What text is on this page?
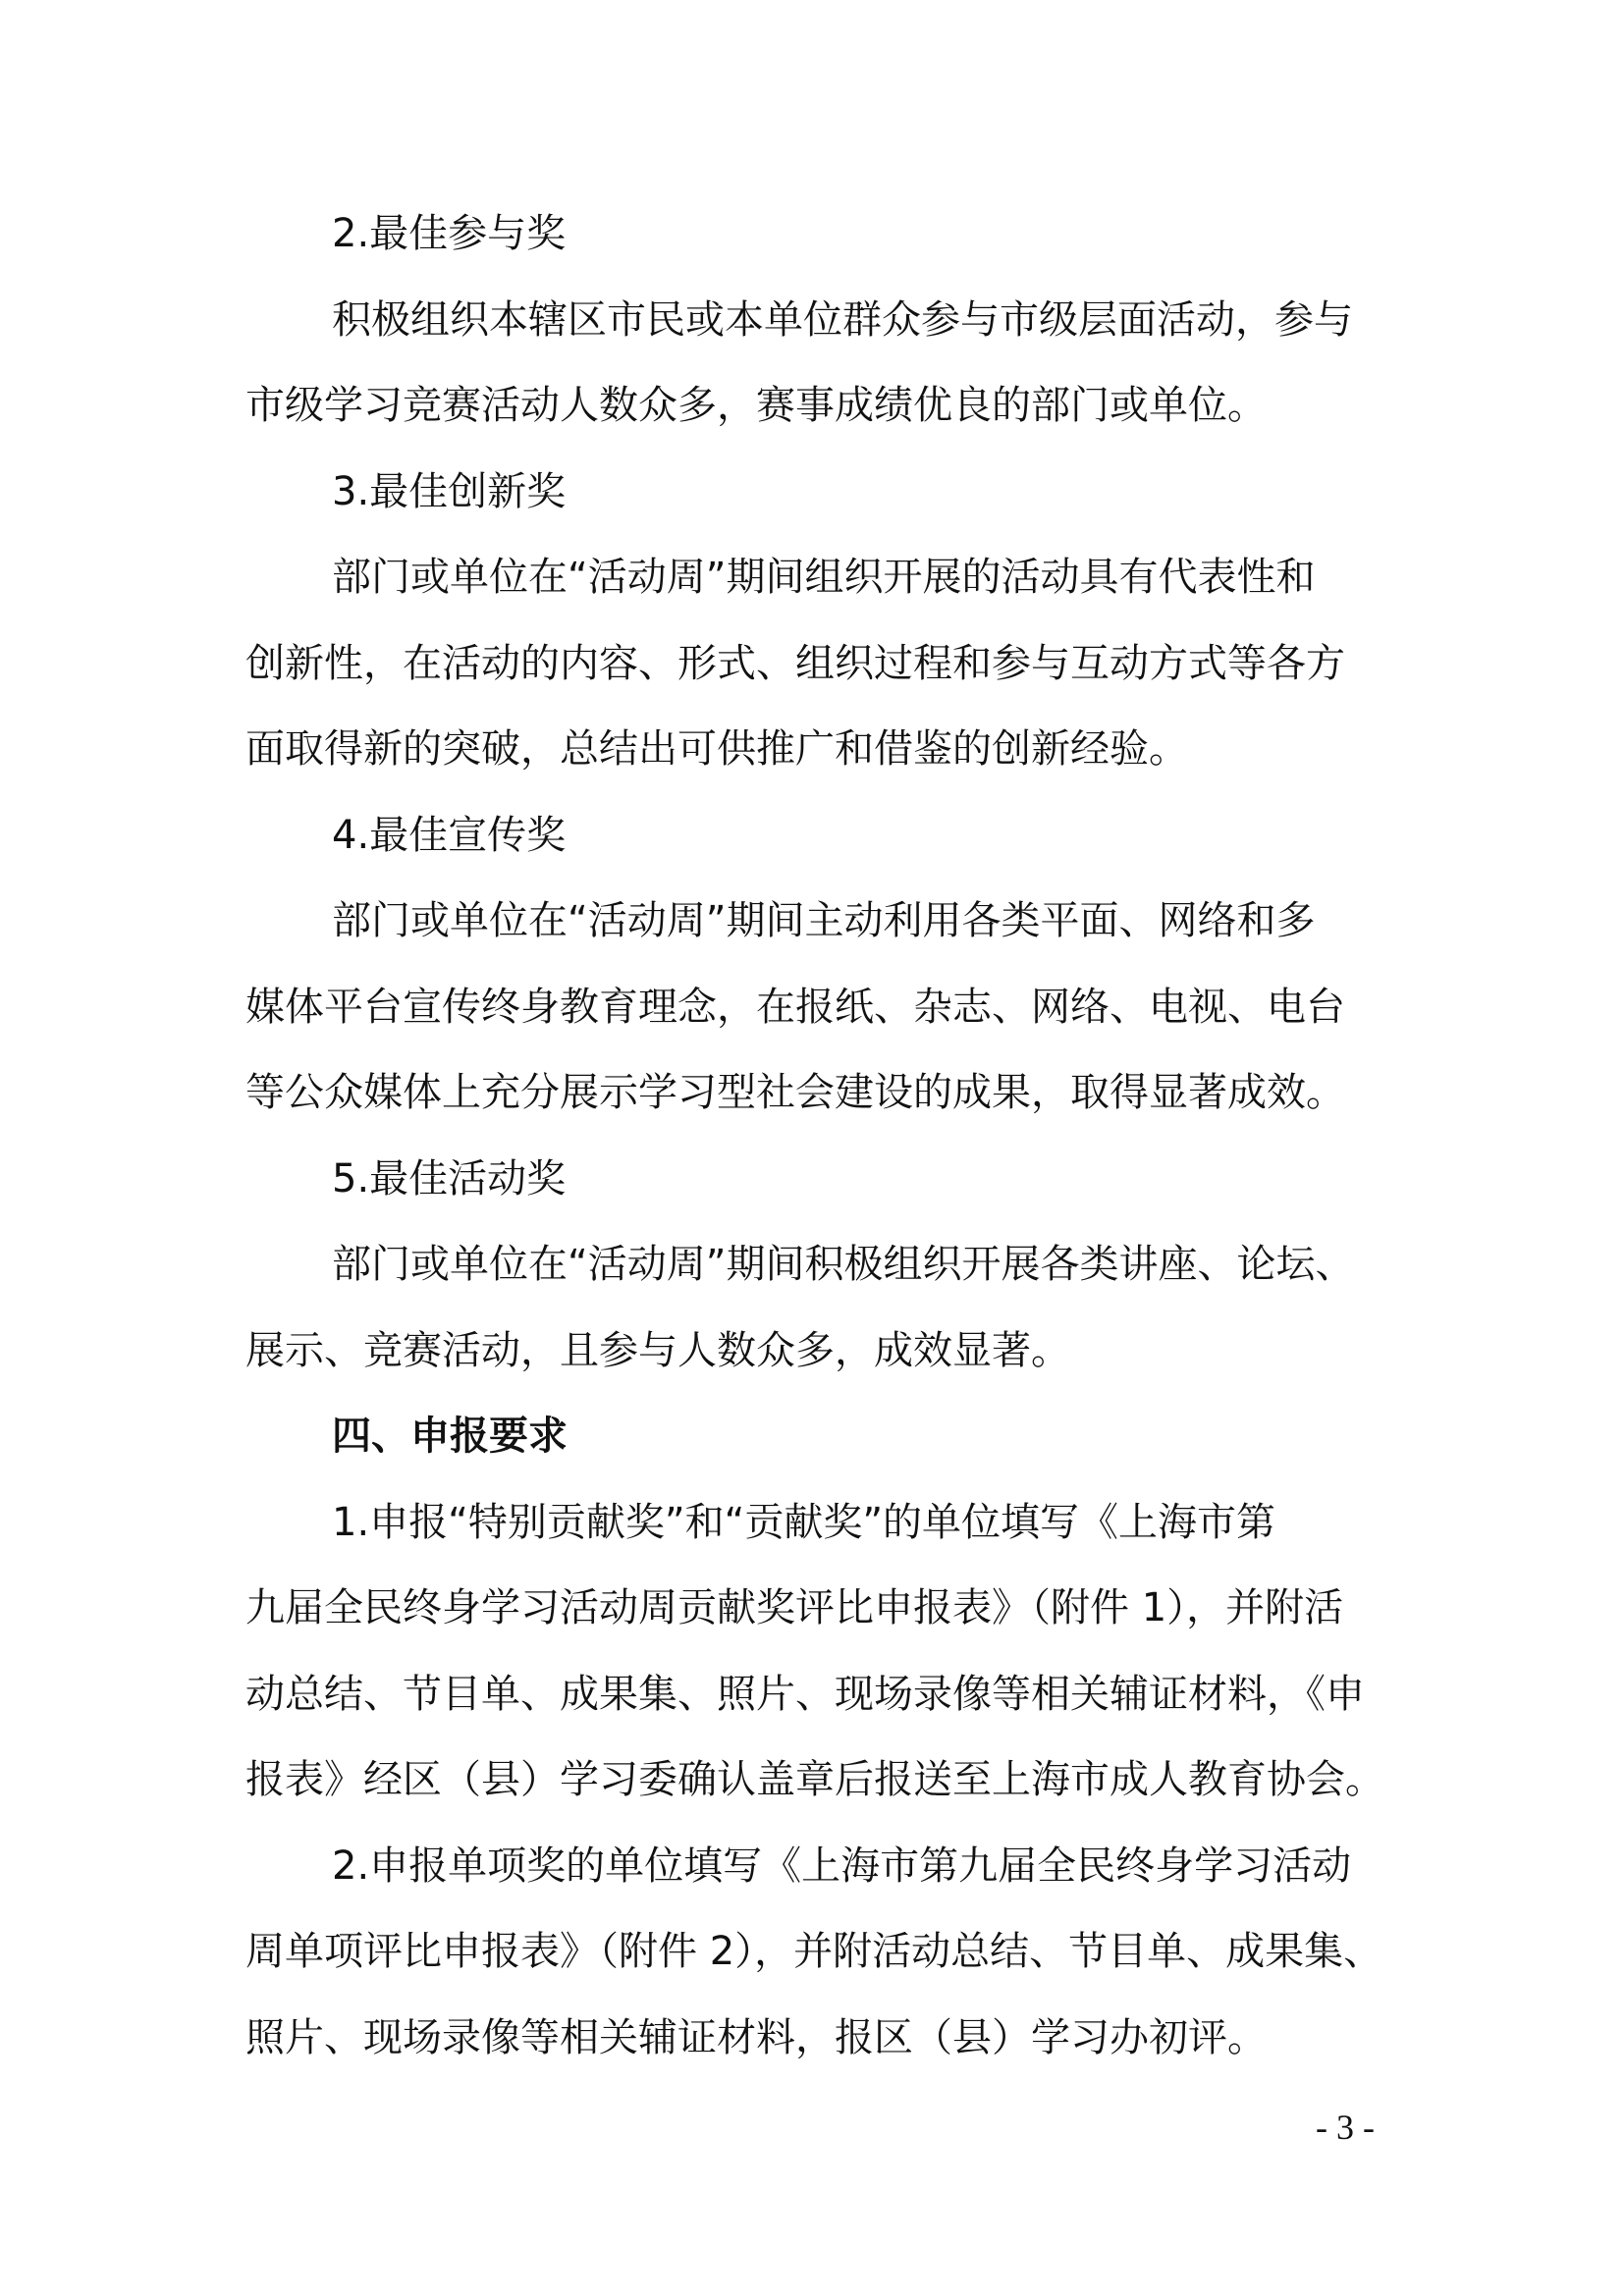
2.最佳参与奖
积极组织本辖区市民或本单位群众参与市级层面活动，参与
市级学习竞赛活动人数众多，赛事成绩优良的部门或单位。
3.最佳创新奖
部门或单位在“活动周”期间组织开展的活动具有代表性和
创新性，在活动的内容、形式、组织过程和参与互动方式等各方
面取得新的突破，总结出可供推广和借鉴的创新经验。
4.最佳宣传奖
部门或单位在“活动周”期间主动利用各类平面、网络和多
媒体平台宣传终身教育理念，在报纸、杂志、网络、电视、电台
等公众媒体上充分展示学习型社会建设的成果，取得显著成效。
5.最佳活动奖
部门或单位在“活动周”期间积极组织开展各类讲座、论坛、
展示、竞赛活动，且参与人数众多，成效显著。
四、申报要求
1.申报“特别贡献奖”和“贡献奖”的单位填写《上海市第
九届全民终身学习活动周贡献奖评比申报表》（附件 1），并附活
动总结、节目单、成果集、照片、现场录像等相关辅证材料，《申
报表》经区（县）学习委确认盖章后报送至上海市成人教育协会。
2.申报单项奖的单位填写《上海市第九届全民终身学习活动
周单项评比申报表》（附件 2），并附活动总结、节目单、成果集、
照片、现场录像等相关辅证材料，报区（县）学习办初评。
- 3 -
